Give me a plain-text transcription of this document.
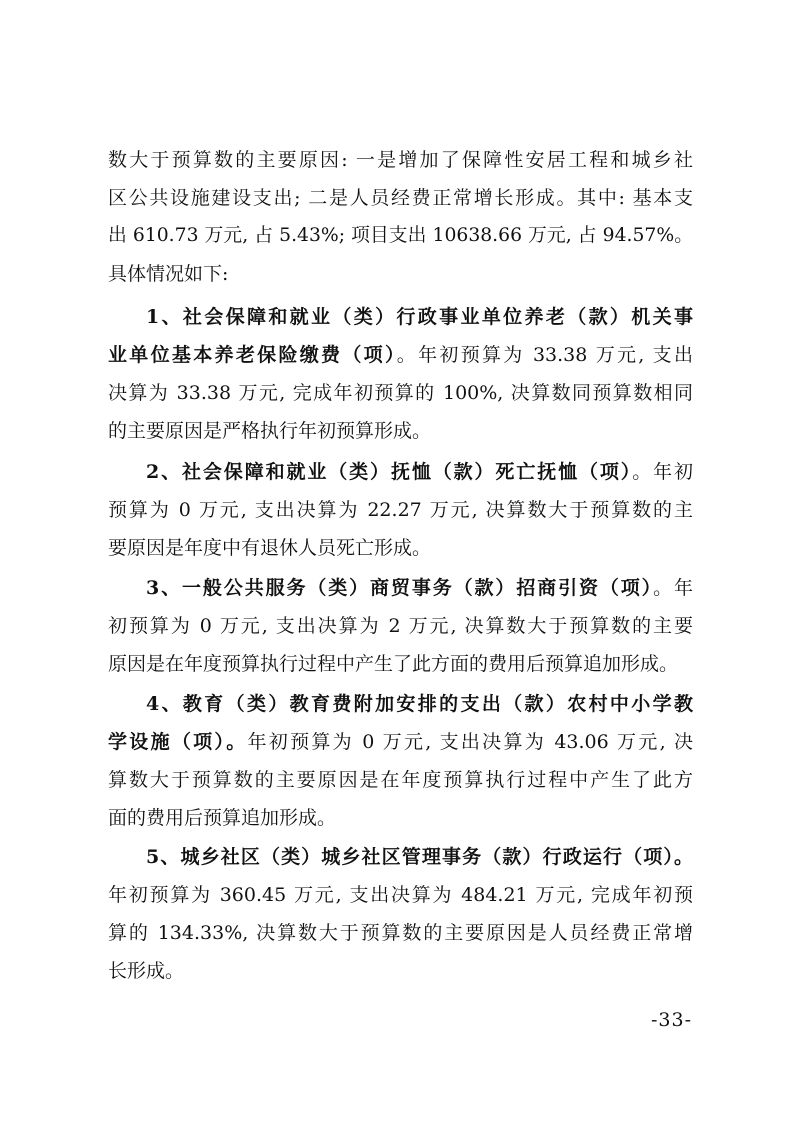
数大于预算数的主要原因: 一是增加了保障性安居工程和城乡社
区公共设施建设支出; 二是人员经费正常增长形成。其中: 基本支
出 610.73 万元, 占 5.43%; 项目支出 10638.66 万元, 占 94.57%。
具体情况如下:
1、社会保障和就业（类）行政事业单位养老（款）机关事
业单位基本养老保险缴费（项）。年初预算为 33.38 万元, 支出
决算为 33.38 万元, 完成年初预算的 100%, 决算数同预算数相同
的主要原因是严格执行年初预算形成。
2、社会保障和就业（类）抚恤（款）死亡抚恤（项）。年初
预算为 0 万元, 支出决算为 22.27 万元, 决算数大于预算数的主
要原因是年度中有退休人员死亡形成。
3、一般公共服务（类）商贸事务（款）招商引资（项）。年
初预算为 0 万元, 支出决算为 2 万元, 决算数大于预算数的主要
原因是在年度预算执行过程中产生了此方面的费用后预算追加形成。
4、教育（类）教育费附加安排的支出（款）农村中小学教
学设施（项）。年初预算为 0 万元, 支出决算为 43.06 万元, 决
算数大于预算数的主要原因是在年度预算执行过程中产生了此方
面的费用后预算追加形成。
5、城乡社区（类）城乡社区管理事务（款）行政运行（项）。
年初预算为 360.45 万元, 支出决算为 484.21 万元, 完成年初预
算的 134.33%, 决算数大于预算数的主要原因是人员经费正常增
长形成。
-33-
